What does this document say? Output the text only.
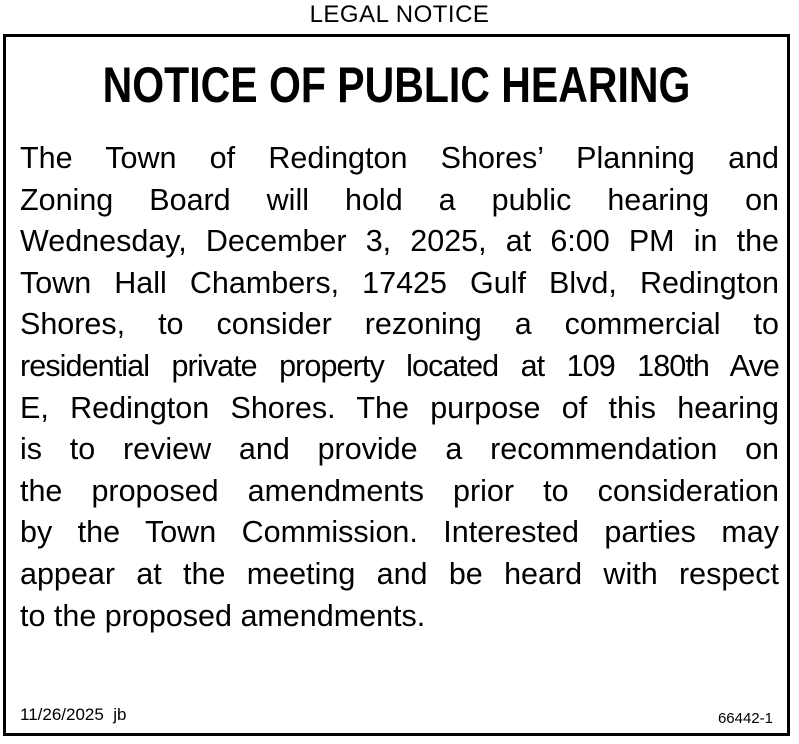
LEGAL NOTICE
NOTICE OF PUBLIC HEARING
The Town of Redington Shores’ Planning and
Zoning Board will hold a public hearing on
Wednesday, December 3, 2025, at 6:00 PM in the
Town Hall Chambers, 17425 Gulf Blvd, Redington
Shores, to consider rezoning a commercial to
residential private property located at 109 180th Ave
E, Redington Shores. The purpose of this hearing
is to review and provide a recommendation on
the proposed amendments prior to consideration
by the Town Commission. Interested parties may
appear at the meeting and be heard with respect
to the proposed amendments.
11/26/2025  jb	66442-1
